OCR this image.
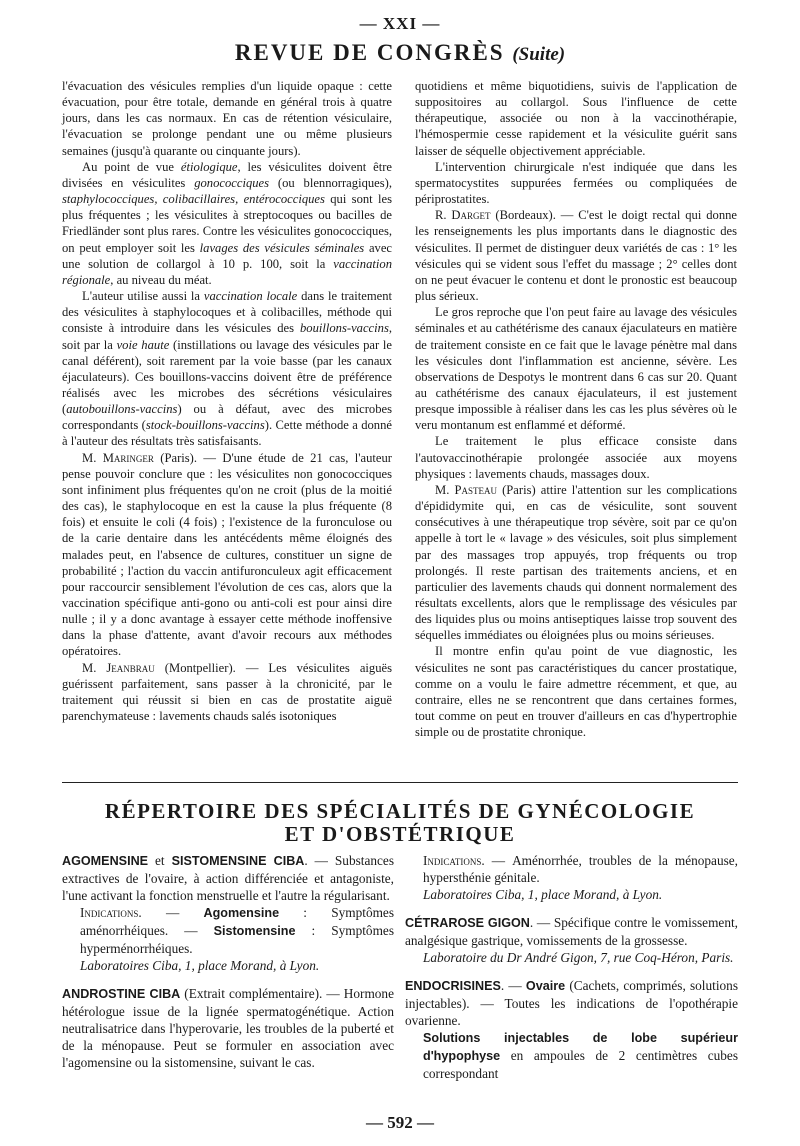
— XXI —
REVUE DE CONGRÈS (Suite)

l'évacuation des vésicules remplies d'un liquide opaque : cette évacuation, pour être totale, demande en général trois à quatre jours, dans les cas normaux. En cas de rétention vésiculaire, l'évacuation se prolonge pendant une ou même plusieurs semaines (jusqu'à quarante ou cinquante jours).

Au point de vue étiologique, les vésiculites doivent être divisées en vésiculites gonococciques (ou blennorragiques), staphylococciques, colibacillaires, entérococciques qui sont les plus fréquentes ; les vésiculites à streptocoques ou bacilles de Friedländer sont plus rares. Contre les vésiculites gonococciques, on peut employer soit les lavages des vésicules séminales avec une solution de collargol à 10 p. 100, soit la vaccination régionale, au niveau du méat.

L'auteur utilise aussi la vaccination locale dans le traitement des vésiculites à staphylocoques et à colibacilles, méthode qui consiste à introduire dans les vésicules des bouillons-vaccins, soit par la voie haute (instillations ou lavage des vésicules par le canal déférent), soit rarement par la voie basse (par les canaux éjaculateurs). Ces bouillons-vaccins doivent être de préférence réalisés avec les microbes des sécrétions vésiculaires (autobouillons-vaccins) ou à défaut, avec des microbes correspondants (stock-bouillons-vaccins). Cette méthode a donné à l'auteur des résultats très satisfaisants.

M. Maringer (Paris). — D'une étude de 21 cas, l'auteur pense pouvoir conclure que : les vésiculites non gonococciques sont infiniment plus fréquentes qu'on ne croit (plus de la moitié des cas), le staphylocoque en est la cause la plus fréquente (8 fois) et ensuite le coli (4 fois) ; l'existence de la furonculose ou de la carie dentaire dans les antécédents même éloignés des malades peut, en l'absence de cultures, constituer un signe de probabilité ; l'action du vaccin antifuronculeux agit efficacement pour raccourcir sensiblement l'évolution de ces cas, alors que la vaccination spécifique anti-gono ou anti-coli est pour ainsi dire nulle ; il y a donc avantage à essayer cette méthode inoffensive dans la phase d'attente, avant d'avoir recours aux méthodes opératoires.

M. Jeanbrau (Montpellier). — Les vésiculites aiguës guérissent parfaitement, sans passer à la chronicité, par le traitement qui réussit si bien en cas de prostatite aiguë parenchymateuse : lavements chauds salés isotoniques

quotidiens et même biquotidiens, suivis de l'application de suppositoires au collargol. Sous l'influence de cette thérapeutique, associée ou non à la vaccinothérapie, l'hémospermie cesse rapidement et la vésiculite guérit sans laisser de séquelle objectivement appréciable.

L'intervention chirurgicale n'est indiquée que dans les spermatocystites suppurées fermées ou compliquées de périprostatites.

R. Darget (Bordeaux). — C'est le doigt rectal qui donne les renseignements les plus importants dans le diagnostic des vésiculites. Il permet de distinguer deux variétés de cas : 1° les vésicules qui se vident sous l'effet du massage ; 2° celles dont on ne peut évacuer le contenu et dont le pronostic est beaucoup plus sérieux.

Le gros reproche que l'on peut faire au lavage des vésicules séminales et au cathétérisme des canaux éjaculateurs en matière de traitement consiste en ce fait que le lavage pénètre mal dans les vésicules dont l'inflammation est ancienne, sévère. Les observations de Despotys le montrent dans 6 cas sur 20. Quant au cathétérisme des canaux éjaculateurs, il est justement presque impossible à réaliser dans les cas les plus sévères où le veru montanum est enflammé et déformé.

Le traitement le plus efficace consiste dans l'autovaccinothérapie prolongée associée aux moyens physiques : lavements chauds, massages doux.

M. Pasteau (Paris) attire l'attention sur les complications d'épididymite qui, en cas de vésiculite, sont souvent consécutives à une thérapeutique trop sévère, soit par ce qu'on appelle à tort le « lavage » des vésicules, soit plus simplement par des massages trop appuyés, trop fréquents ou trop prolongés. Il reste partisan des traitements anciens, et en particulier des lavements chauds qui donnent normalement des résultats excellents, alors que le remplissage des vésicules par des liquides plus ou moins antiseptiques laisse trop souvent des séquelles immédiates ou éloignées plus ou moins sérieuses.

Il montre enfin qu'au point de vue diagnostic, les vésiculites ne sont pas caractéristiques du cancer prostatique, comme on a voulu le faire admettre récemment, et que, au contraire, elles ne se rencontrent que dans certaines formes, tout comme on peut en trouver d'ailleurs en cas d'hypertrophie simple ou de prostatite chronique.

RÉPERTOIRE DES SPÉCIALITÉS DE GYNÉCOLOGIE
ET D'OBSTÉTRIQUE

AGOMENSINE et SISTOMENSINE CIBA. — Substances extractives de l'ovaire, à action différenciée et antagoniste, l'une activant la fonction menstruelle et l'autre la régularisant.

Indications. — Agomensine : Symptômes aménorrhéiques. — Sistomensine : Symptômes hyperménorrhéiques.

Laboratoires Ciba, 1, place Morand, à Lyon.

ANDROSTINE CIBA (Extrait complémentaire). — Hormone hétérologue issue de la lignée spermatogénétique. Action neutralisatrice dans l'hyperovarie, les troubles de la puberté et de la ménopause. Peut se formuler en association avec l'agomensine ou la sistomensine, suivant le cas.

Indications. — Aménorrhée, troubles de la ménopause, hypersthénie génitale.

Laboratoires Ciba, 1, place Morand, à Lyon.

CÉTRAROSE GIGON. — Spécifique contre le vomissement, analgésique gastrique, vomissements de la grossesse.

Laboratoire du Dr André Gigon, 7, rue Coq-Héron, Paris.

ENDOCRISINES. — Ovaire (Cachets, comprimés, solutions injectables). — Toutes les indications de l'opothérapie ovarienne.

Solutions injectables de lobe supérieur d'hypophyse en ampoules de 2 centimètres cubes correspondant

— 592 —
